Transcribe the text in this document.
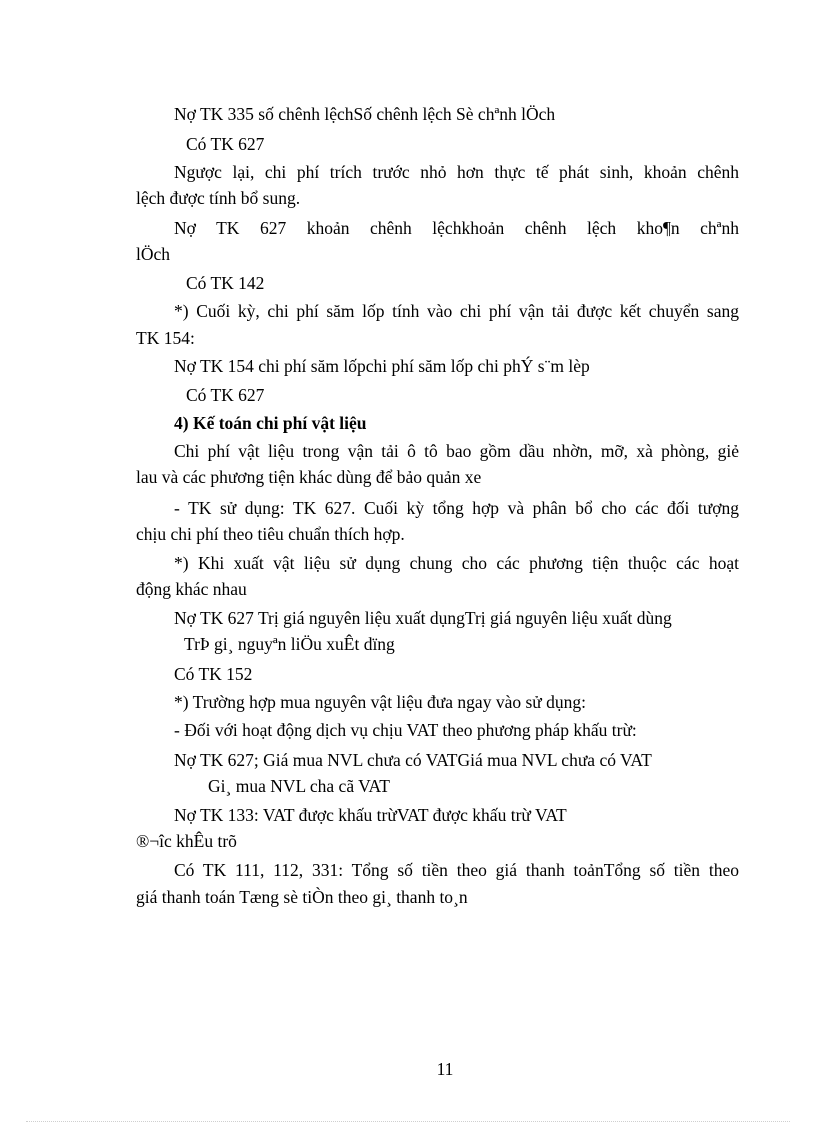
Nợ TK 335 số chênh lệchSố chênh lệch Sè chªnh lÖch
Có TK 627
Ngược lại, chi phí trích trước nhỏ hơn thực tế phát sinh, khoản chênh
lệch được tính bổ sung.
Nợ TK 627 khoản chênh lệchkhoản chênh lệch kho¶n chªnh
lÖch
Có TK 142
*) Cuối kỳ, chi phí săm lốp tính vào chi phí vận tải được kết chuyển sang
TK 154:
Nợ TK 154 chi phí săm lốpchi phí săm lốp chi phÝ s¨m lèp
Có TK 627
4) Kế toán chi phí vật liệu
Chi phí vật liệu trong vận tải ô tô bao gồm dầu nhờn, mỡ, xà phòng, giẻ
lau và các phương tiện khác dùng để bảo quản xe
- TK sử dụng: TK 627. Cuối kỳ tổng hợp và phân bổ cho các đối tượng
chịu chi phí theo tiêu chuẩn thích hợp.
*) Khi xuất vật liệu sử dụng chung cho các phương tiện thuộc các hoạt
động khác nhau
Nợ TK 627 Trị giá nguyên liệu xuất dụngTrị giá nguyên liệu xuất dùng
TrÞ gi¸ nguyªn liÖu xuÊt dïng
Có TK 152
*) Trường hợp mua nguyên vật liệu đưa ngay vào sử dụng:
- Đối với hoạt động dịch vụ chịu VAT theo phương pháp khấu trừ:
Nợ TK 627; Giá mua NVL chưa có VATGiá mua NVL chưa có VAT
Gi¸ mua NVL cha cã VAT
Nợ TK 133: VAT được khấu trừVAT được khấu trừ VAT
®¬îc khÊu trõ
Có TK 111, 112, 331: Tổng số tiền theo giá thanh toảnTổng số tiền theo
giá thanh toán Tæng sè tiÒn theo gi¸ thanh to¸n
11
